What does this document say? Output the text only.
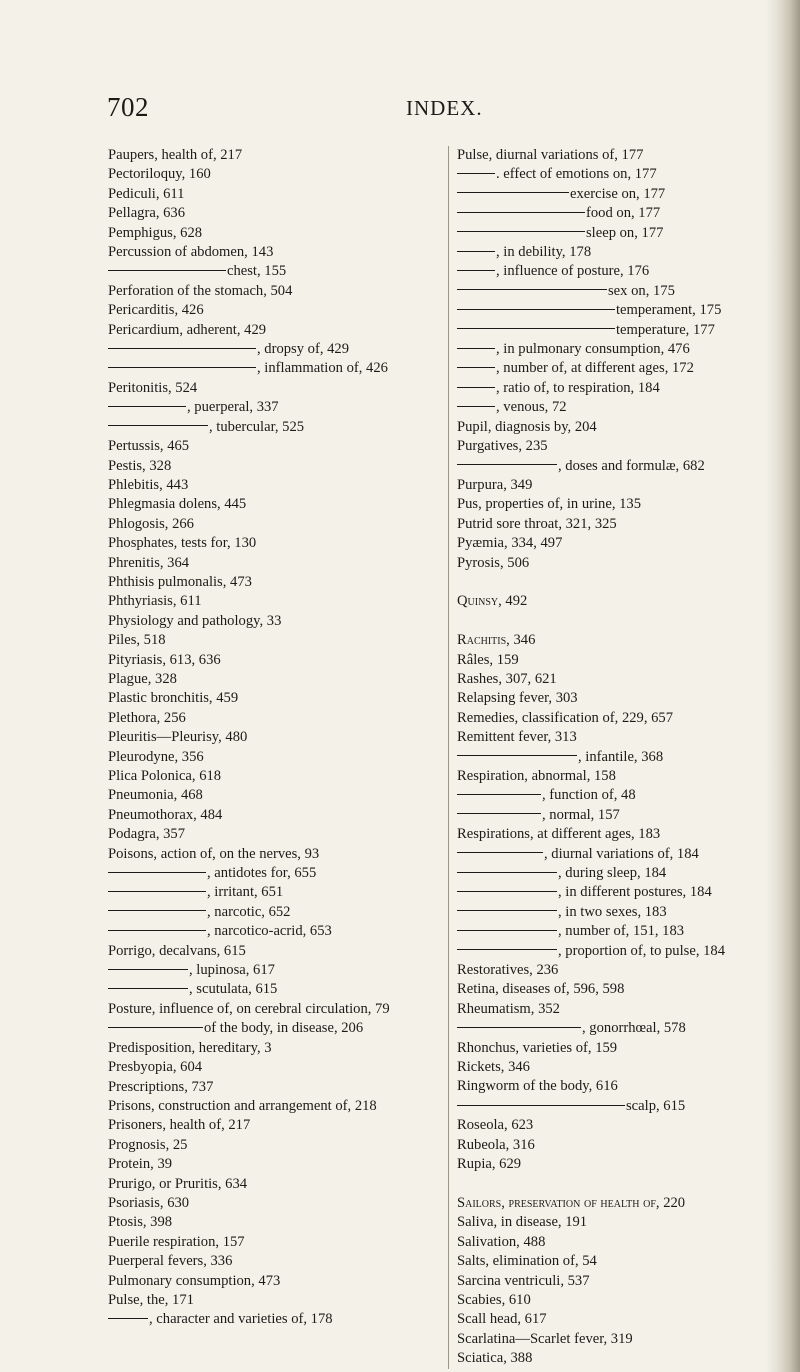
702	INDEX.
Paupers, health of, 217
Pectoriloquy, 160
Pediculi, 611
Pellagra, 636
Pemphigus, 628
Percussion of abdomen, 143
chest, 155
Perforation of the stomach, 504
Pericarditis, 426
Pericardium, adherent, 429
, dropsy of, 429
, inflammation of, 426
Peritonitis, 524
, puerperal, 337
, tubercular, 525
Pertussis, 465
Pestis, 328
Phlebitis, 443
Phlegmasia dolens, 445
Phlogosis, 266
Phosphates, tests for, 130
Phrenitis, 364
Phthisis pulmonalis, 473
Phthyriasis, 611
Physiology and pathology, 33
Piles, 518
Pityriasis, 613, 636
Plague, 328
Plastic bronchitis, 459
Plethora, 256
Pleuritis—Pleurisy, 480
Pleurodyne, 356
Plica Polonica, 618
Pneumonia, 468
Pneumothorax, 484
Podagra, 357
Poisons, action of, on the nerves, 93
, antidotes for, 655
, irritant, 651
, narcotic, 652
, narcotico-acrid, 653
Porrigo, decalvans, 615
, lupinosa, 617
, scutulata, 615
Posture, influence of, on cerebral circulation, 79
of the body, in disease, 206
Predisposition, hereditary, 3
Presbyopia, 604
Prescriptions, 737
Prisons, construction and arrangement of, 218
Prisoners, health of, 217
Prognosis, 25
Protein, 39
Prurigo, or Pruritis, 634
Psoriasis, 630
Ptosis, 398
Puerile respiration, 157
Puerperal fevers, 336
Pulmonary consumption, 473
Pulse, the, 171
, character and varieties of, 178
Pulse, diurnal variations of, 177
. effect of emotions on, 177
exercise on, 177
food on, 177
sleep on, 177
, in debility, 178
, influence of posture, 176
sex on, 175
temperament, 175
temperature, 177
, in pulmonary consumption, 476
, number of, at different ages, 172
, ratio of, to respiration, 184
, venous, 72
Pupil, diagnosis by, 204
Purgatives, 235
, doses and formulæ, 682
Purpura, 349
Pus, properties of, in urine, 135
Putrid sore throat, 321, 325
Pyæmia, 334, 497
Pyrosis, 506
Quinsy, 492
Rachitis, 346
Râles, 159
Rashes, 307, 621
Relapsing fever, 303
Remedies, classification of, 229, 657
Remittent fever, 313
, infantile, 368
Respiration, abnormal, 158
, function of, 48
, normal, 157
Respirations, at different ages, 183
, diurnal variations of, 184
, during sleep, 184
, in different postures, 184
, in two sexes, 183
, number of, 151, 183
, proportion of, to pulse, 184
Restoratives, 236
Retina, diseases of, 596, 598
Rheumatism, 352
, gonorrhœal, 578
Rhonchus, varieties of, 159
Rickets, 346
Ringworm of the body, 616
scalp, 615
Roseola, 623
Rubeola, 316
Rupia, 629
Sailors, preservation of health of, 220
Saliva, in disease, 191
Salivation, 488
Salts, elimination of, 54
Sarcina ventriculi, 537
Scabies, 610
Scall head, 617
Scarlatina—Scarlet fever, 319
Sciatica, 388
